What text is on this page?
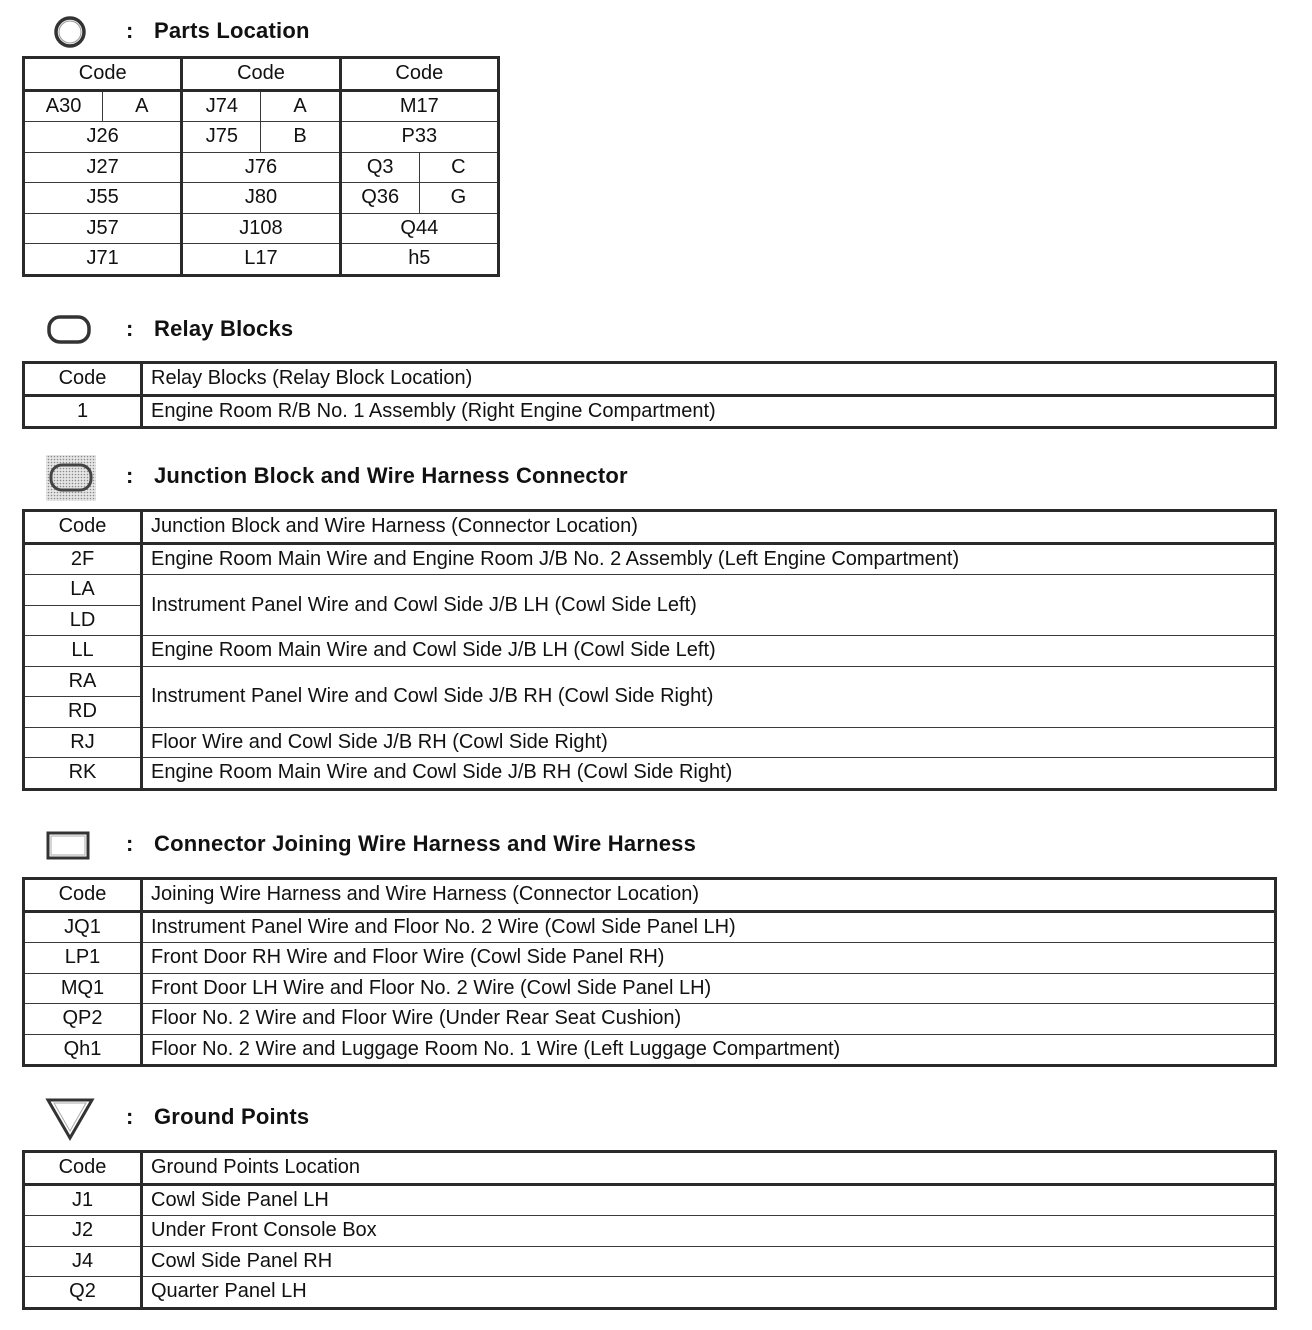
: Parts Location
Code		Code		Code	
A30	A	J74	A	M17	
J26		J75	B	P33	
J27		J76		Q3	C
J55		J80		Q36	G
J57		J108		Q44	
J71		L17		h5	
: Relay Blocks
Code	Relay Blocks (Relay Block Location)
1	Engine Room R/B No. 1 Assembly (Right Engine Compartment)
: Junction Block and Wire Harness Connector
Code	Junction Block and Wire Harness (Connector Location)
2F	Engine Room Main Wire and Engine Room J/B No. 2 Assembly (Left Engine Compartment)
LA	Instrument Panel Wire and Cowl Side J/B LH (Cowl Side Left)
LD	
LL	Engine Room Main Wire and Cowl Side J/B LH (Cowl Side Left)
RA	Instrument Panel Wire and Cowl Side J/B RH (Cowl Side Right)
RD	
RJ	Floor Wire and Cowl Side J/B RH (Cowl Side Right)
RK	Engine Room Main Wire and Cowl Side J/B RH (Cowl Side Right)
: Connector Joining Wire Harness and Wire Harness
Code	Joining Wire Harness and Wire Harness (Connector Location)
JQ1	Instrument Panel Wire and Floor No. 2 Wire (Cowl Side Panel LH)
LP1	Front Door RH Wire and Floor Wire (Cowl Side Panel RH)
MQ1	Front Door LH Wire and Floor No. 2 Wire (Cowl Side Panel LH)
QP2	Floor No. 2 Wire and Floor Wire (Under Rear Seat Cushion)
Qh1	Floor No. 2 Wire and Luggage Room No. 1 Wire (Left Luggage Compartment)
: Ground Points
Code	Ground Points Location
J1	Cowl Side Panel LH
J2	Under Front Console Box
J4	Cowl Side Panel RH
Q2	Quarter Panel LH
